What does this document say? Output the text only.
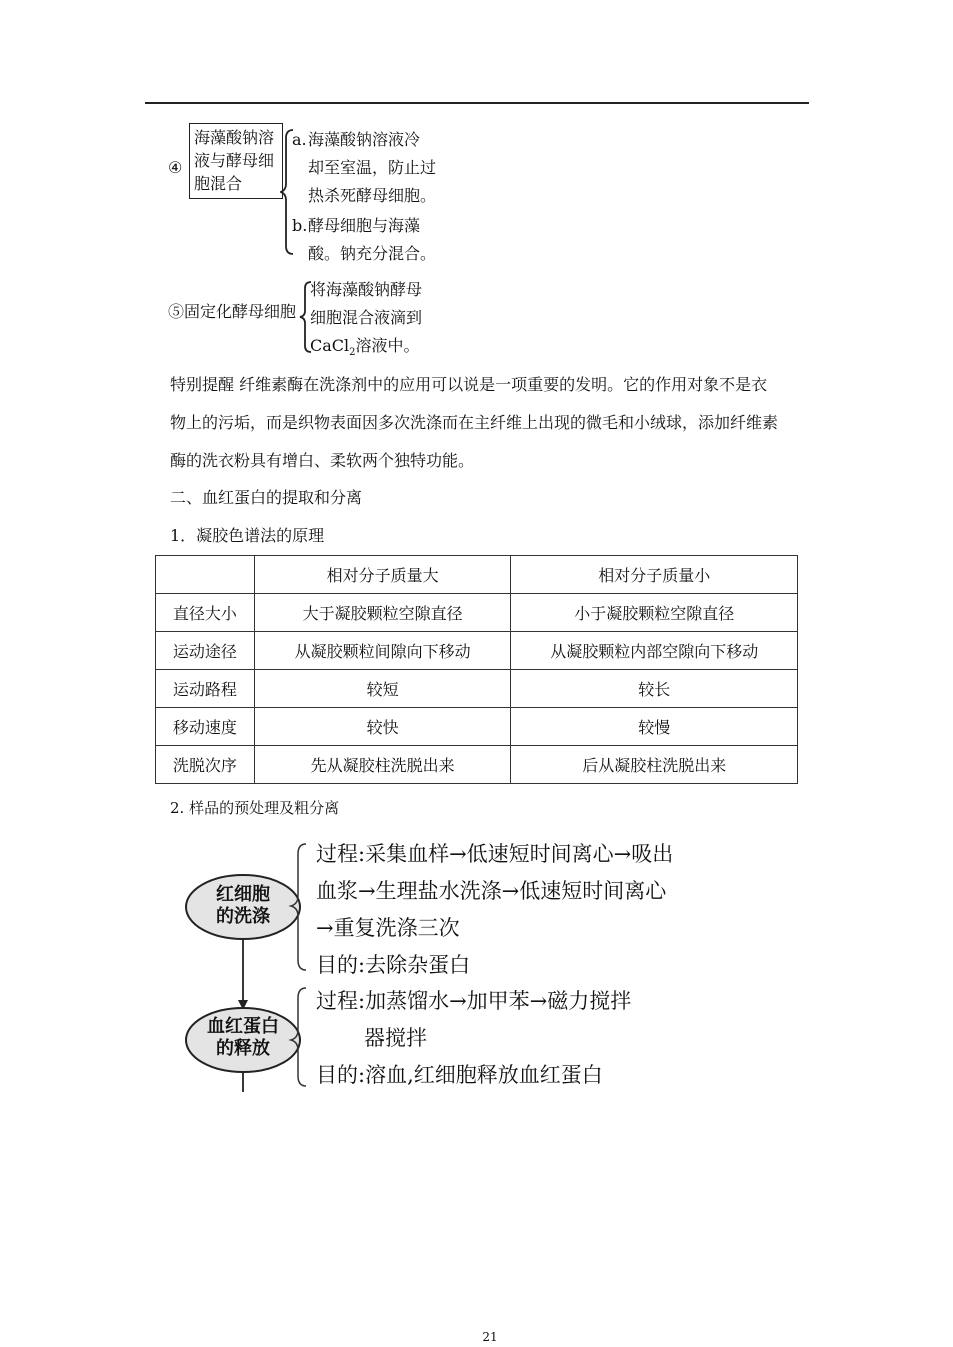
④
海藻酸钠溶
液与酵母细
胞混合
a. 海藻酸钠溶液冷
却至室温，防止过
热杀死酵母细胞。
b. 酵母细胞与海藻
酸。钠充分混合。
⑤固定化酵母细胞
将海藻酸钠酵母
细胞混合液滴到
CaCl$_2$溶液中。
特别提醒 纤维素酶在洗涤剂中的应用可以说是一项重要的发明。它的作用对象不是衣
物上的污垢，而是织物表面因多次洗涤而在主纤维上出现的微毛和小绒球，添加纤维素
酶的洗衣粉具有增白、柔软两个独特功能。
二、血红蛋白的提取和分离
1．凝胶色谱法的原理
	相对分子质量大	相对分子质量小
直径大小	大于凝胶颗粒空隙直径	小于凝胶颗粒空隙直径
运动途径	从凝胶颗粒间隙向下移动	从凝胶颗粒内部空隙向下移动
运动路程	较短	较长
移动速度	较快	较慢
洗脱次序	先从凝胶柱洗脱出来	后从凝胶柱洗脱出来
2. 样品的预处理及粗分离
红细胞
的洗涤
血红蛋白
的释放
过程:采集血样→低速短时间离心→吸出
血浆→生理盐水洗涤→低速短时间离心
→重复洗涤三次
目的:去除杂蛋白
过程:加蒸馏水→加甲苯→磁力搅拌
器搅拌
目的:溶血,红细胞释放血红蛋白
21
